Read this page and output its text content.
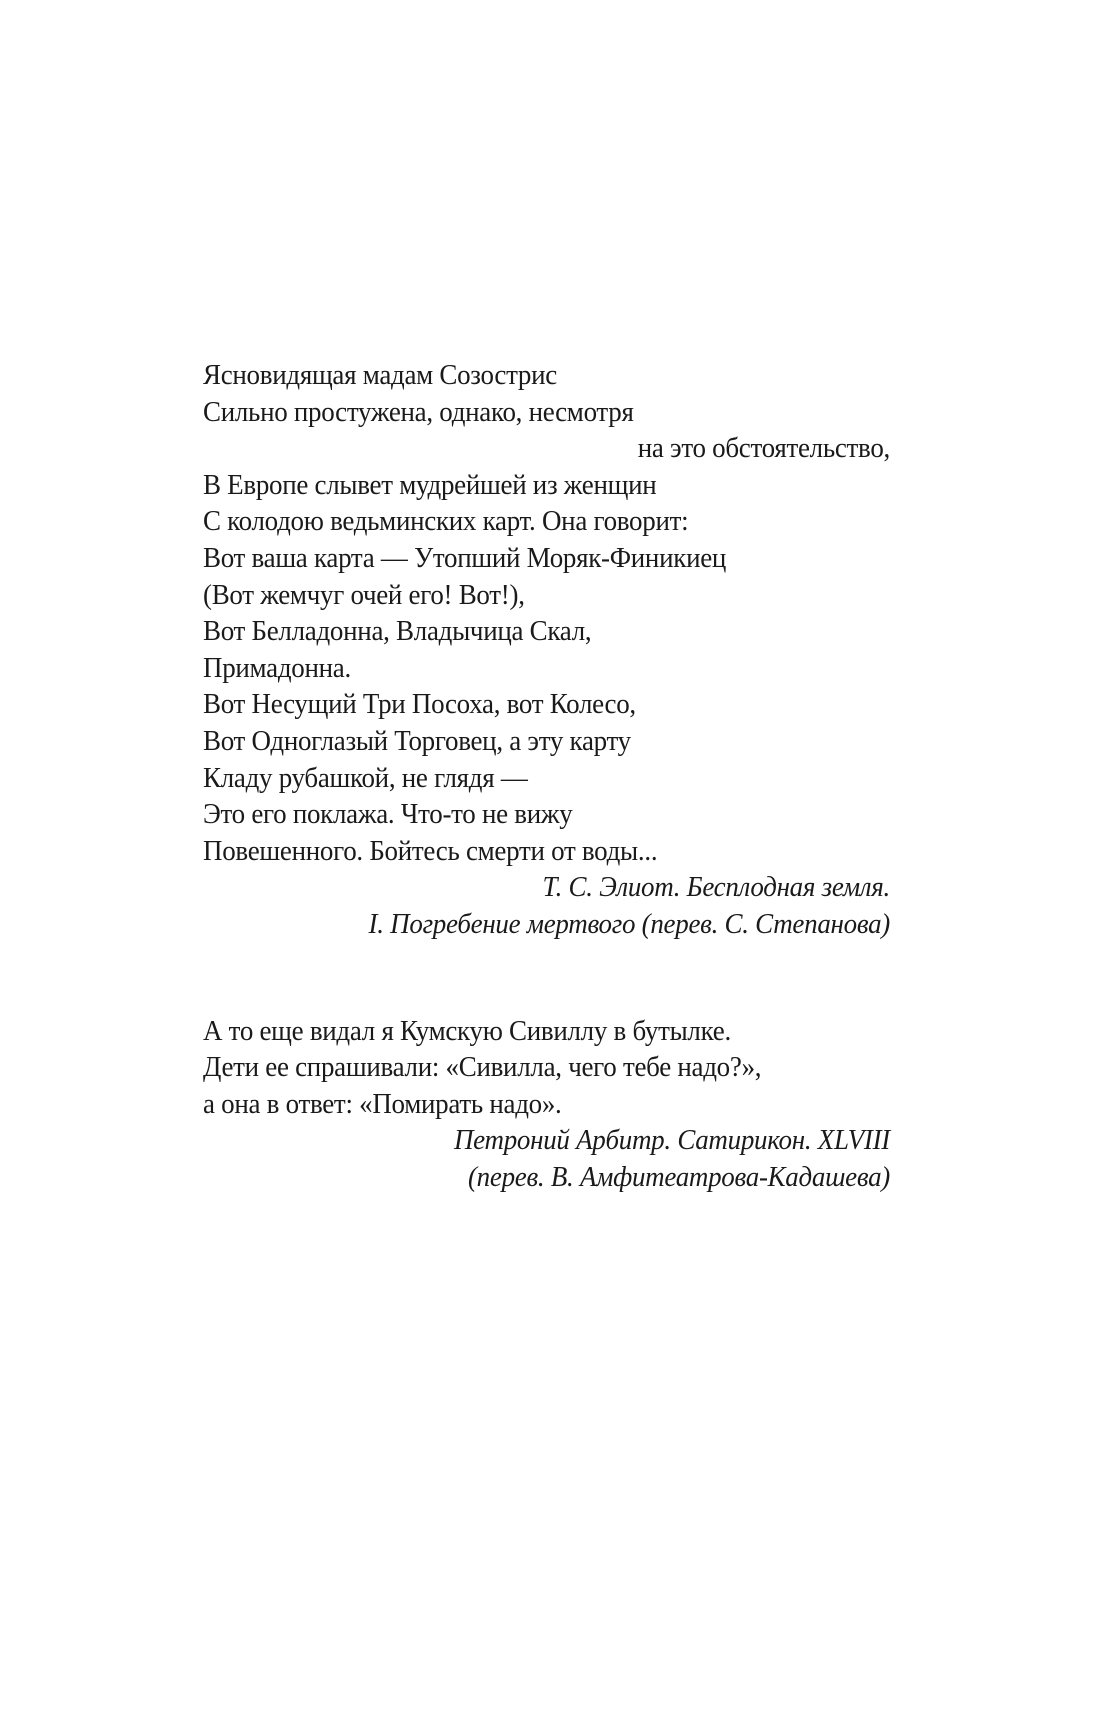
Ясновидящая мадам Созострис
Сильно простужена, однако, несмотря
на это обстоятельство,
В Европе слывет мудрейшей из женщин
С колодою ведьминских карт. Она говорит:
Вот ваша карта — Утопший Моряк-Финикиец
(Вот жемчуг очей его! Вот!),
Вот Белладонна, Владычица Скал,
Примадонна.
Вот Несущий Три Посоха, вот Колесо,
Вот Одноглазый Торговец, а эту карту
Кладу рубашкой, не глядя —
Это его поклажа. Что-то не вижу
Повешенного. Бойтесь смерти от воды...
Т. С. Элиот. Бесплодная земля.
I. Погребение мертвого (перев. С. Степанова)
А то еще видал я Кумскую Сивиллу в бутылке.
Дети ее спрашивали: «Сивилла, чего тебе надо?»,
а она в ответ: «Помирать надо».
Петроний Арбитр. Сатирикон. XLVIII
(перев. В. Амфитеатрова-Кадашева)
